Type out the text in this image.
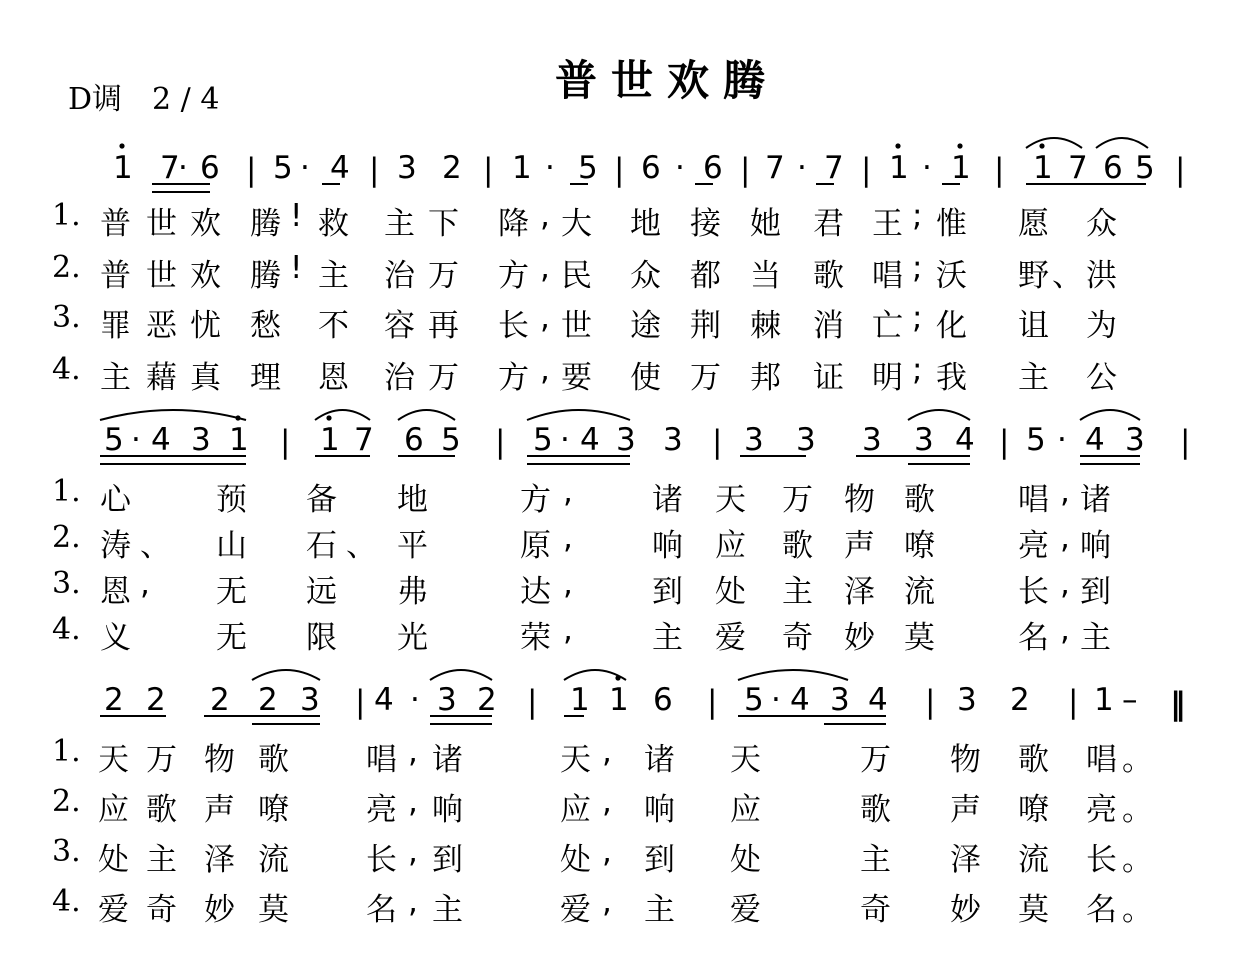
D调　2 / 4	普世欢腾
1 7
· 6 | 5 · 4 | 3 2 | 1 · 5 | 6 · 6 | 7 · 7 | 1 · 1 | 1 7 6 5 |
1. 普 世 欢 腾 ! 救 主 下 降 , 大 地 接 她 君 王 ; 惟 愿 众
2. 普 世 欢 腾 ! 主 治 万 方 , 民 众 都 当 歌 唱 ; 沃 野 、 洪
3. 罪 恶 忧 愁 不 容 再 长 , 世 途 荆 棘 消 亡 ; 化 诅 为
4. 主 藉 真 理 恩 治 万 方 , 要 使 万 邦 证 明 ; 我 主 公
5 · 4 3 1 | 1 7 6 5 | 5 · 4 3 3 | 3 3 3 3 4 | 5 · 4 3 |
1. 心	预 备 地	方 ,	诸 天 万 物 歌	唱 , 诸
2. 涛 、 山 石 、 平	原 ,	响 应 歌 声 嘹	亮 , 响
3. 恩 , 无 远 弗	达 ,	到 处 主 泽 流	长 , 到
4. 义	无 限 光	荣 ,	主 爱 奇 妙 莫	名 , 主
2 2 2 2 3 | 4 · 3 2 | 1 1 6 | 5 · 4 3 4 | 3 2 | 1 – ‖
1. 天 万 物 歌 唱 , 诸	天 , 诸 天	万 物 歌 唱 。
2. 应 歌 声 嘹 亮 , 响	应 , 响 应	歌 声 嘹 亮 。
3. 处 主 泽 流 长 , 到	处 , 到 处	主 泽 流 长 。
4. 爱 奇 妙 莫 名 , 主	爱 , 主 爱	奇 妙 莫 名 。
